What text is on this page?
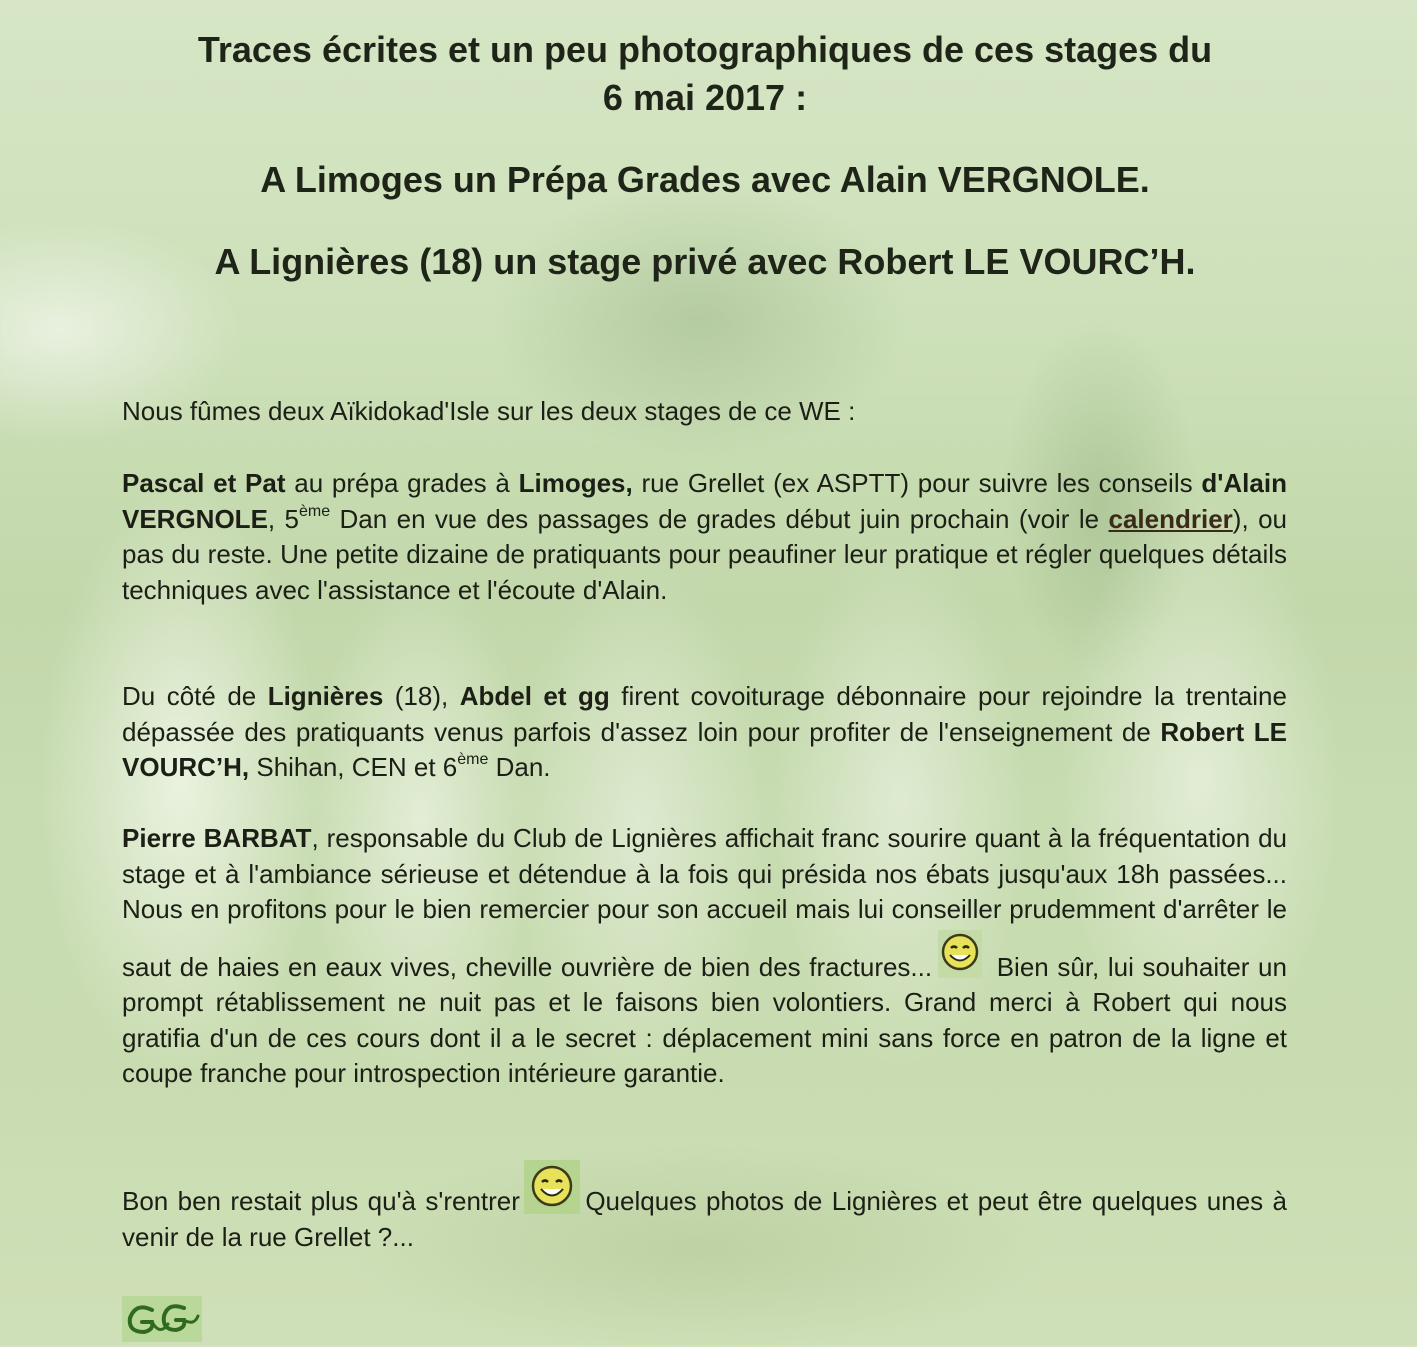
Traces écrites et un peu photographiques de ces stages du

6 mai 2017 :

A Limoges un Prépa Grades avec Alain VERGNOLE.

A Lignières (18) un stage privé avec Robert LE VOURC’H.

Nous fûmes deux Aïkidokad'Isle sur les deux stages de ce WE :

Pascal et Pat au prépa grades à Limoges, rue Grellet (ex ASPTT) pour suivre les conseils d'Alain VERGNOLE, 5ème Dan en vue des passages de grades début juin prochain (voir le calendrier), ou pas du reste. Une petite dizaine de pratiquants pour peaufiner leur pratique et régler quelques détails techniques avec l'assistance et l'écoute d'Alain.

Du côté de Lignières (18), Abdel et gg firent covoiturage débonnaire pour rejoindre la trentaine dépassée des pratiquants venus parfois d'assez loin pour profiter de l'enseignement de Robert LE VOURC’H, Shihan, CEN et 6ème Dan.

Pierre BARBAT, responsable du Club de Lignières affichait franc sourire quant à la fréquentation du stage et à l'ambiance sérieuse et détendue à la fois qui présida nos ébats jusqu'aux 18h passées... Nous en profitons pour le bien remercier pour son accueil mais lui conseiller prudemment d'arrêter le saut de haies en eaux vives, cheville ouvrière de bien des fractures... Bien sûr, lui souhaiter un prompt rétablissement ne nuit pas et le faisons bien volontiers. Grand merci à Robert qui nous gratifia d'un de ces cours dont il a le secret : déplacement mini sans force en patron de la ligne et coupe franche pour introspection intérieure garantie.

Bon ben restait plus qu'à s'rentrer Quelques photos de Lignières et peut être quelques unes à venir de la rue Grellet ?...
